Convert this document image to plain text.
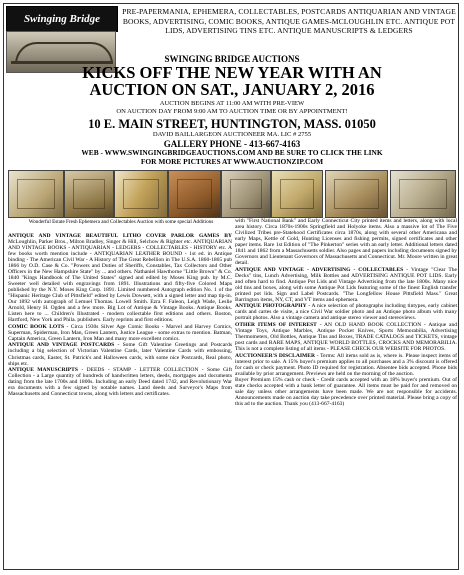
Swinging Bridge
PRE-PAPERMANIA, EPHEMERA, COLLECTABLES, POSTCARDS ANTIQUARIAN AND VINTAGE BOOKS, ADVERTISING, COMIC BOOKS, ANTIQUE GAMES-MCLOUGHLIN ETC. ANTIQUE POT LIDS, ADVERTISING TINS ETC. ANTIQUE MANUSCRIPTS & LEDGERS
SWINGING BRIDGE AUCTIONS
KICKS OFF THE NEW YEAR WITH AN
AUCTION ON SAT., JANUARY 2, 2016
AUCTION BEGINS AT 11:00 AM WITH PRE-VIEW
ON AUCTION DAY FROM 9:00 AM TO AUCTION TIME OR BY APPOINTMENT!
10 E. MAIN STREET, HUNTINGTON, MASS. 01050
DAVID BAILLARGEON AUCTIONEER MA. LIC # 2755
GALLERY PHONE - 413-667-4163
WEB - WWW.SWINGINGBRIDGEAUCTIONS.COM AND BE SURE TO CLICK THE LINK
FOR MORE PICTURES AT WWW.AUCTIONZIP.COM
Wonderful Estate Fresh Ephemera and Collectables Auction with some special Additions

ANTIQUE AND VINTAGE BEAUTIFUL LITHO COVER PARLOR GAMES BY McLoughlin, Parker Bros., Milton Bradley, Singer & Hill, Selchow & Righter etc. ANTIQUARIAN AND VINTAGE BOOKS - ANTIQUARIAN - LEDGERS - COLLECTABLES - HISTORY etc. A few books worth mention include - ANTIQUARIAN LEATHER BOUND - 1st ed. in Antique binding - The American Civil War - A History of The Great Rebellion in The U.S.A. 1860-1865 pub 1866 by O.D. Case & Co. "Powers and Duties of Sheriffs, Constables, Tax Collectors and Other Officers in the New Hampshire State" by ... and others. Nathaniel Hawthorne "Little Brown" & Co. 1840 "Kings Handbook of The United States" signed and edited by Moses King pub. by M.C. Sweeter well detailed with engravings from 1891. Illustrations and fifty-five Colored Maps published by the N.Y. Moses King Corp. 1891. Limited numbered Autograph edition No. 1 of the "Hispanic Heritage Club of Pittsfield" edited by Lewis Dowsett, with a signed letter and map tip-in. Our 1892 with autograph of Lemuel Thomas. Lowell Smith. Ezra F. Faleon, Leigh Wade, Leslie Arnold, Henry H. Ogden and a few more. Big Lot of Antique & Vintage Books. Antique Books. Listen here to ... Children's Illustrated - modern collectable first editions and others. Boston, Hartford, New York and Phila. publishers. Early reprints and first editions.

COMIC BOOK LOTS - Circa 1930s Silver Age Comic Books - Marvel and Harvey Comics, Superman, Spiderman, Iron Man, Green Lantern, Justice League - some extras to mention. Batman, Captain America, Green Lantern, Iron Man and many more excellent comics.

ANTIQUE AND VINTAGE POSTCARDS - Some Gift Valentine Greetings and Postcards including a big selection of Victorian Valentine Cards, later Valentine Cards with embossing, Christmas cards, Easter, St. Patrick's and Halloween cards, with some nice Postcards, Real photo, ships etc.

ANTIQUE MANUSCRIPTS - DEEDS - STAMP - LETTER COLLECTION - Some Gift Collection - a Large quantity of hundreds of handwritten letters, deeds, mortgages and documents dating from the late 1700s and 1800s. Including an early Deed dated 1742, and Revolutionary War era documents with a few signed by notable names. Land deeds and Surveyor's Maps from Massachusetts and Connecticut towns, along with letters and certificates.

with "First National Bank" and Early Connecticut City printed items and letters, along with local area history. Circa 1870s-1900s Springfield and Holyoke items. Also a massive lot of The Five Civilized Tribes pre-Statehood Certificates circa 1870s, along with several other Americana and early Maps, Kettle of Gold, Hunting Licenses and fishing permits, signed certificates and other paper items. Rare 1st Edition of "The Pinkerton" series with an early letter. Additional letters dated 1841 and 1862 from a Massachusetts soldier. Also pages and papers including documents signed by Governors and Lieutenant Governors of Massachusetts and Connecticut. Mr. Moore written in great detail.

ANTIQUE AND VINTAGE - ADVERTISING - COLLECTABLES - Vintage "Clear The Decks" tins, Lunch Advertising, Milk Bottles and ADVERTISING ANTIQUE POT LIDS. Early and often hard to find. Antique Pot Lids and Vintage Advertising from the late 1800s. Many nice old tins and boxes, along with some Antique Pot Lids featuring some of the finest English transfer printed pot lids. Sign and Label Postcards. "The Longfellow House Pittsfield Mass." Great Barrington items, NY, CT, and VT items and ephemera.

ANTIQUE PHOTOGRAPHY - A nice selection of photographs including tintypes, early cabinet cards and cartes de visite, a nice Civil War soldier photo and an Antique photo album with many portrait photos. Also a vintage camera and antique stereo viewer and stereoviews.

OTHER ITEMS OF INTEREST - AN OLD HAND BOOK COLLECTION - Antique and Vintage Toys, Antique Marbles, Antique Pocket Knives, Sports Memorabilia, Advertising Thermometers, Old Bottles, Antique Tins and Boxes, TRADE CATALOGS and TICKETS, vintage post cards and RARE MAPS, ANTIQUE WORLD BOTTLES, CROCKS AND MEMORABILIA. This is not a complete listing of all items - PLEASE CHECK OUR WEBSITE FOR PHOTOS.

AUCTIONEER'S DISCLAIMER - Terms: All items sold as is, where is. Please inspect items of interest prior to sale. A 15% buyer's premium applies to all purchases and a 3% discount is offered for cash or check payment. Photo ID required for registration. Absentee bids accepted. Phone bids available by prior arrangement. Previews are held on the morning of the auction.

Buyer Premium 15% cash or check - Credit cards accepted with an 18% buyer's premium. Out of state checks accepted with a bank letter of guarantee. All items must be paid for and removed on sale day unless other arrangements have been made. We are not responsible for accidents. Announcements made on auction day take precedence over printed material. Please bring a copy of this ad to the auction. Thank you (413-667-4163)
